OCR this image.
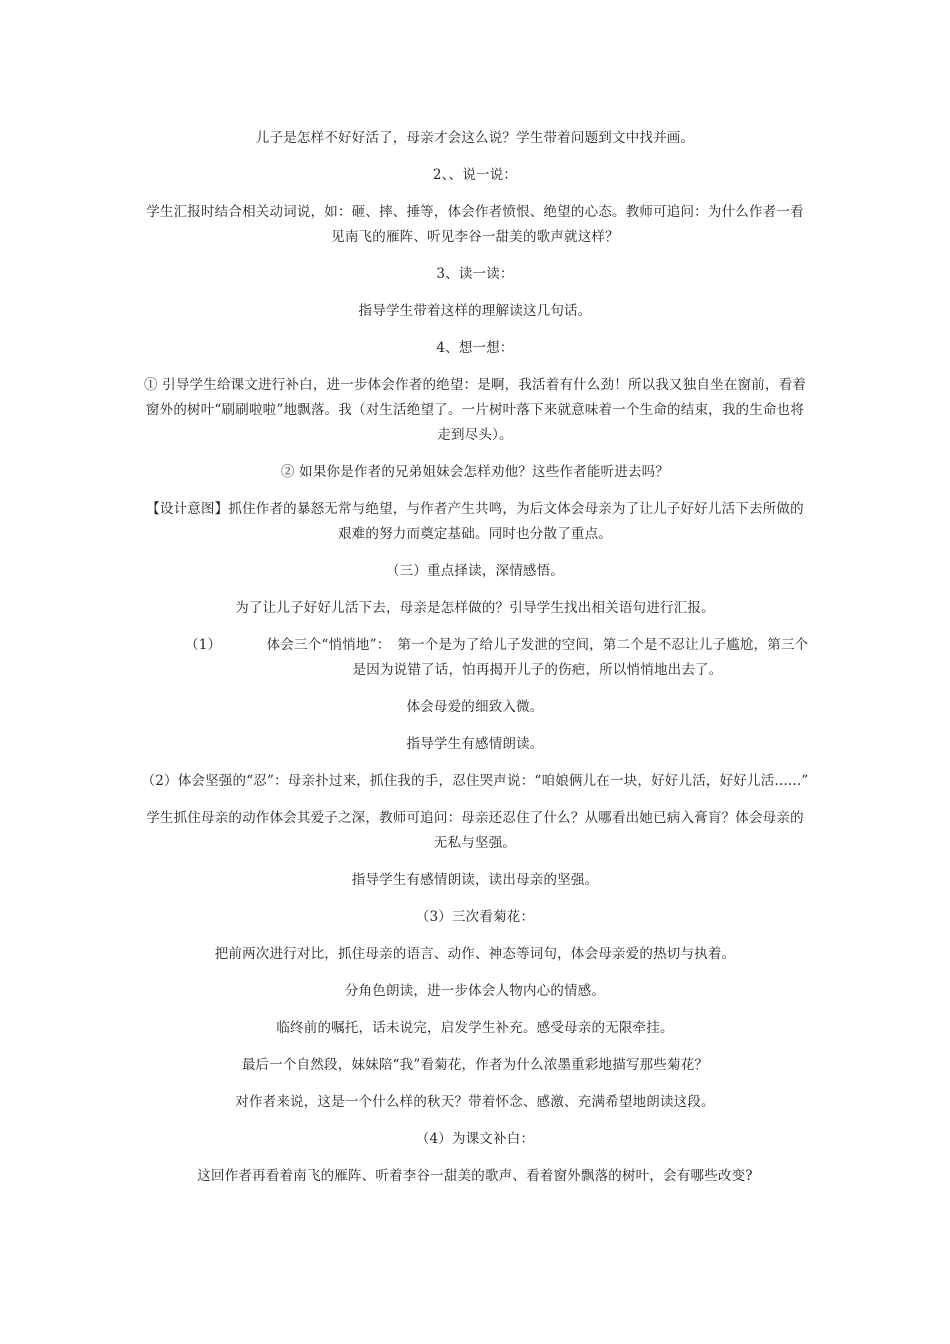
儿子是怎样不好好活了，母亲才会这么说？学生带着问题到文中找并画。

2、、说一说：

学生汇报时结合相关动词说，如：砸、摔、捶等，体会作者愤恨、绝望的心态。教师可追问：为什么作者一看见南飞的雁阵、听见李谷一甜美的歌声就这样？

3、读一读：

指导学生带着这样的理解读这几句话。

4、想一想：

① 引导学生给课文进行补白，进一步体会作者的绝望：是啊，我活着有什么劲！所以我又独自坐在窗前，看着窗外的树叶“刷刷啦啦”地飘落。我（对生活绝望了。一片树叶落下来就意味着一个生命的结束，我的生命也将走到尽头）。

② 如果你是作者的兄弟姐妹会怎样劝他？这些作者能听进去吗？

【设计意图】抓住作者的暴怒无常与绝望，与作者产生共鸣，为后文体会母亲为了让儿子好好儿活下去所做的艰难的努力而奠定基础。同时也分散了重点。

（三）重点择读，深情感悟。

为了让儿子好好儿活下去，母亲是怎样做的？引导学生找出相关语句进行汇报。

（1）	体会三个“悄悄地”：　第一个是为了给儿子发泄的空间，第二个是不忍让儿子尴尬，第三个是因为说错了话，怕再揭开儿子的伤疤，所以悄悄地出去了。

体会母爱的细致入微。

指导学生有感情朗读。

（2）体会坚强的“忍”：母亲扑过来，抓住我的手，忍住哭声说：“咱娘俩儿在一块，好好儿活，好好儿活......”

学生抓住母亲的动作体会其爱子之深，教师可追问：母亲还忍住了什么？从哪看出她已病入膏肓？体会母亲的无私与坚强。

指导学生有感情朗读，读出母亲的坚强。

（3）三次看菊花：

把前两次进行对比，抓住母亲的语言、动作、神态等词句，体会母亲爱的热切与执着。

分角色朗读，进一步体会人物内心的情感。

临终前的嘱托，话未说完，启发学生补充。感受母亲的无限牵挂。

最后一个自然段，妹妹陪“我”看菊花，作者为什么浓墨重彩地描写那些菊花？

对作者来说，这是一个什么样的秋天？带着怀念、感激、充满希望地朗读这段。

（4）为课文补白：

这回作者再看着南飞的雁阵、听着李谷一甜美的歌声、看着窗外飘落的树叶，会有哪些改变?
